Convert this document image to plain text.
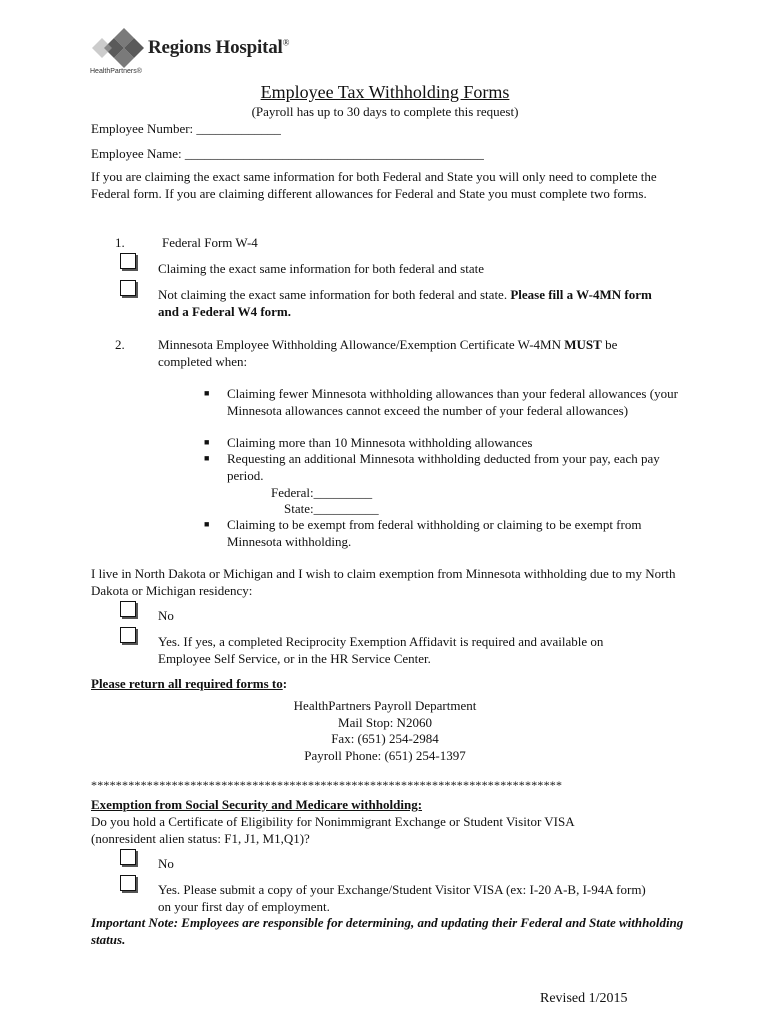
Regions Hospital®
HealthPartners®
Employee Tax Withholding Forms
(Payroll has up to 30 days to complete this request)
Employee Number: _____________
Employee Name: ______________________________________________
If you are claiming the exact same information for both Federal and State you will only need to complete the Federal form. If you are claiming different allowances for Federal and State you must complete two forms.
1.	Federal Form W-4
Claiming the exact same information for both federal and state
Not claiming the exact same information for both federal and state. Please fill a W-4MN form and a Federal W4 form.
2.	Minnesota Employee Withholding Allowance/Exemption Certificate W-4MN MUST be completed when:
■ Claiming fewer Minnesota withholding allowances than your federal allowances (your Minnesota allowances cannot exceed the number of your federal allowances)
■ Claiming more than 10 Minnesota withholding allowances
■ Requesting an additional Minnesota withholding deducted from your pay, each pay period.
Federal:_________
State:__________
■ Claiming to be exempt from federal withholding or claiming to be exempt from Minnesota withholding.
I live in North Dakota or Michigan and I wish to claim exemption from Minnesota withholding due to my North Dakota or Michigan residency:
No
Yes. If yes, a completed Reciprocity Exemption Affidavit is required and available on Employee Self Service, or in the HR Service Center.
Please return all required forms to:
HealthPartners Payroll Department
Mail Stop: N2060
Fax: (651) 254-2984
Payroll Phone: (651) 254-1397
****************************************************************************
Exemption from Social Security and Medicare withholding:
Do you hold a Certificate of Eligibility for Nonimmigrant Exchange or Student Visitor VISA (nonresident alien status: F1, J1, M1,Q1)?
No
Yes. Please submit a copy of your Exchange/Student Visitor VISA (ex: I-20 A-B, I-94A form) on your first day of employment.
Important Note: Employees are responsible for determining, and updating their Federal and State withholding status.
Revised 1/2015
